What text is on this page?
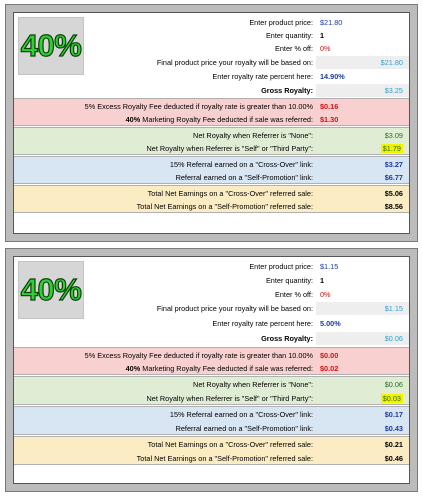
40%
Enter product price: $21.80
Enter quantity: 1
Enter % off: 0%
Final product price your royalty will be based on:	$21.80
Enter royalty rate percent here: 14.90%
Gross Royalty:	$3.25
5% Excess Royalty Fee deducted if royalty rate is greater than 10.00% $0.16
40% Marketing Royalty Fee deducted if sale was referred: $1.30
Net Royalty when Referrer is "None":	$3.09
Net Royalty when Referrer is "Self" or "Third Party":	$1.79
15% Referral earned on a "Cross-Over" link:	$3.27
Referral earned on a "Self-Promotion" link:	$6.77
Total Net Earnings on a "Cross-Over" referred sale:	$5.06
Total Net Earnings on a "Self-Promotion" referred sale:	$8.56
40%
Enter product price: $1.15
Enter quantity: 1
Enter % off: 0%
Final product price your royalty will be based on:	$1.15
Enter royalty rate percent here: 5.00%
Gross Royalty:	$0.06
5% Excess Royalty Fee deducted if royalty rate is greater than 10.00% $0.00
40% Marketing Royalty Fee deducted if sale was referred: $0.02
Net Royalty when Referrer is "None":	$0.06
Net Royalty when Referrer is "Self" or "Third Party":	$0.03
15% Referral earned on a "Cross-Over" link:	$0.17
Referral earned on a "Self-Promotion" link:	$0.43
Total Net Earnings on a "Cross-Over" referred sale:	$0.21
Total Net Earnings on a "Self-Promotion" referred sale:	$0.46
